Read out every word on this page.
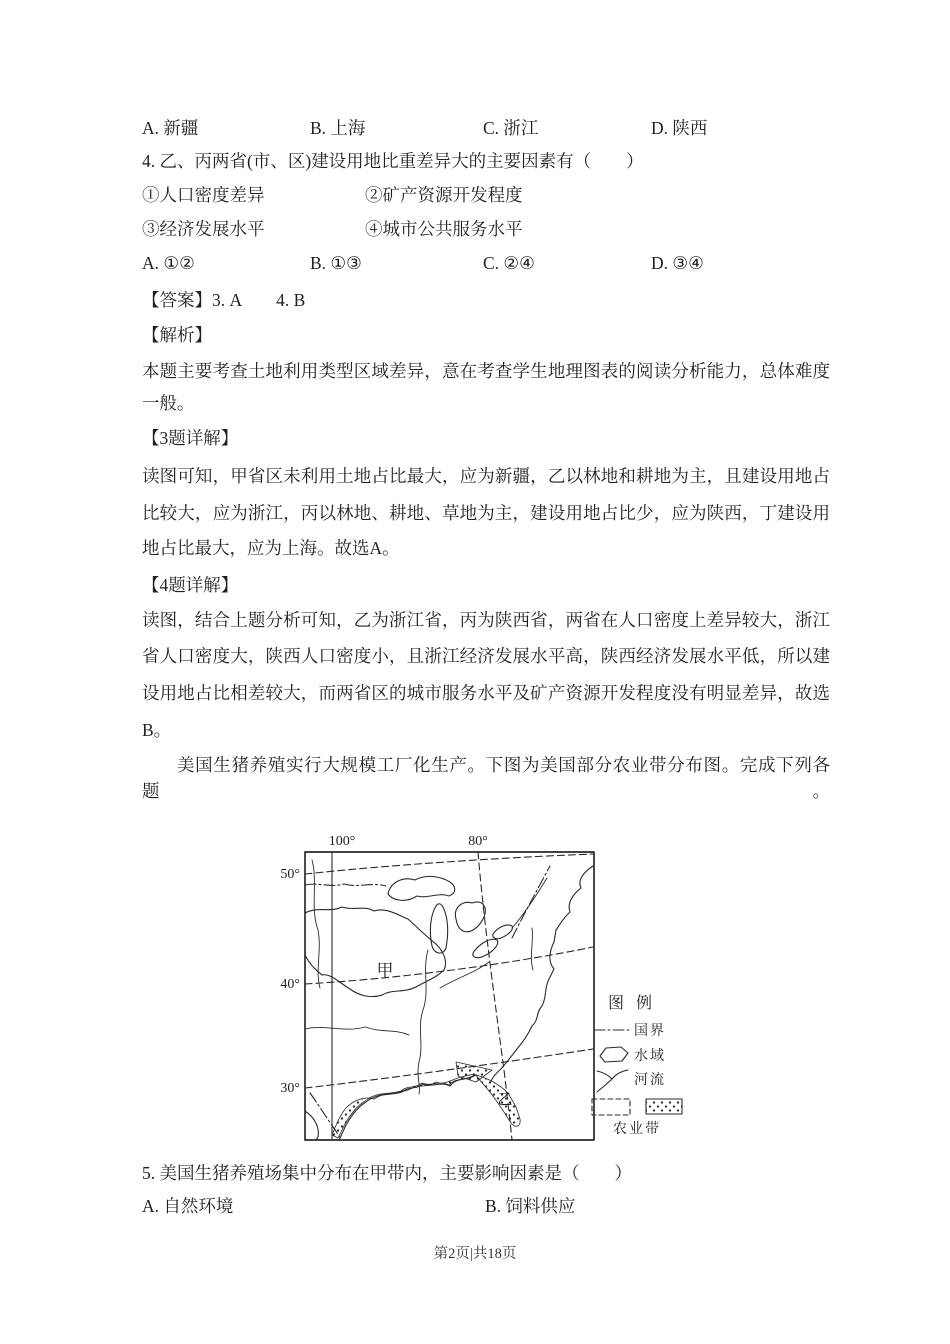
A. 新疆	B. 上海	C. 浙江	D. 陕西
4. 乙、丙两省(市、区)建设用地比重差异大的主要因素有（　　）
①人口密度差异	②矿产资源开发程度
③经济发展水平	④城市公共服务水平
A. ①②	B. ①③	C. ②④	D. ③④
【答案】3. A　　4. B
【解析】
本题主要考查土地利用类型区域差异，意在考查学生地理图表的阅读分析能力，总体难度
一般。
【3题详解】
读图可知，甲省区未利用土地占比最大，应为新疆，乙以林地和耕地为主，且建设用地占
比较大，应为浙江，丙以林地、耕地、草地为主，建设用地占比少，应为陕西，丁建设用
地占比最大，应为上海。故选A。
【4题详解】
读图，结合上题分析可知，乙为浙江省，丙为陕西省，两省在人口密度上差异较大，浙江
省人口密度大，陕西人口密度小，且浙江经济发展水平高，陕西经济发展水平低，所以建
设用地占比相差较大，而两省区的城市服务水平及矿产资源开发程度没有明显差异，故选
B。
美国生猪养殖实行大规模工厂化生产。下图为美国部分农业带分布图。完成下列各题。
100°	80°
50°
40°
30°
甲
乙
图 例
国界
水域
河流
农业带
5. 美国生猪养殖场集中分布在甲带内，主要影响因素是（　　）
A. 自然环境	B. 饲料供应
第2页|共18页
